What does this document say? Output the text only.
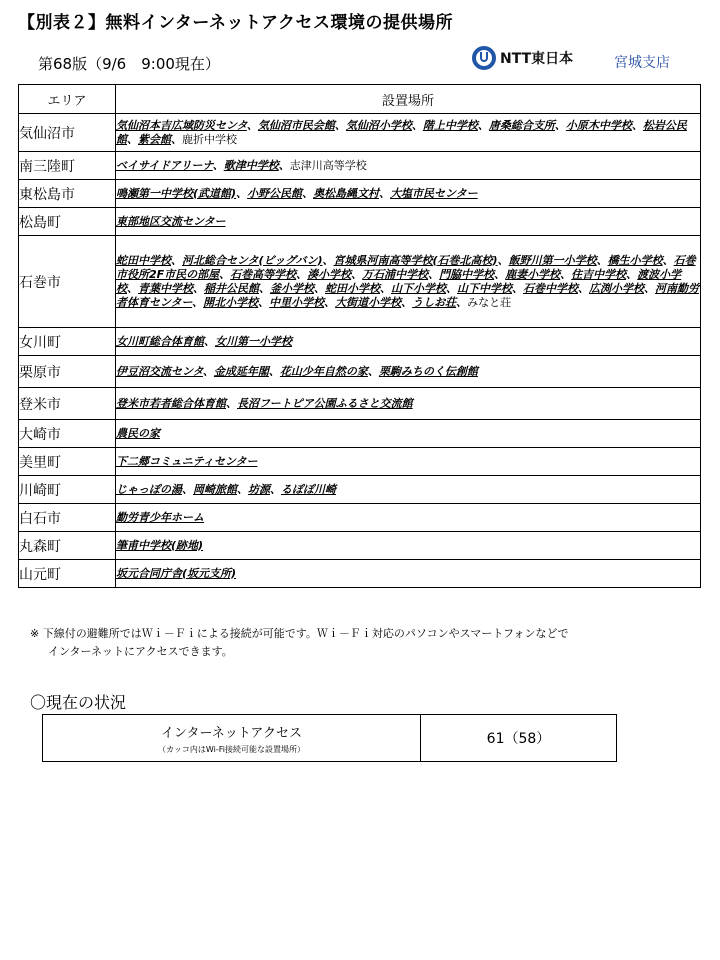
【別表２】無料インターネットアクセス環境の提供場所
第68版（9/6　9:00現在）	NTT東日本	宮城支店
エリア	設置場所
気仙沼市	気仙沼本吉広域防災センタ、気仙沼市民会館、気仙沼小学校、階上中学校、唐桑総合支所、小原木中学校、松岩公民館、紫会館、鹿折中学校
南三陸町	ベイサイドアリーナ、歌津中学校、志津川高等学校
東松島市	鳴瀬第一中学校(武道館)、小野公民館、奥松島縄文村、大塩市民センター
松島町	東部地区交流センター
石巻市	蛇田中学校、河北総合センタ(ビッグバン)、宮城県河南高等学校(石巻北高校)、飯野川第一小学校、橋生小学校、石巻市役所2F市民の部屋、石巻高等学校、湊小学校、万石浦中学校、門脇中学校、鹿妻小学校、住吉中学校、渡波小学校、青葉中学校、稲井公民館、釜小学校、蛇田小学校、山下小学校、山下中学校、石巻中学校、広渕小学校、河南勤労者体育センター、開北小学校、中里小学校、大街道小学校、うしお荘、みなと荘
女川町	女川町総合体育館、女川第一小学校
栗原市	伊豆沼交流センタ、金成延年閣、花山少年自然の家、栗駒みちのく伝創館
登米市	登米市若者総合体育館、長沼フートピア公園ふるさと交流館
大崎市	農民の家
美里町	下二郷コミュニティセンター
川崎町	じゃっぽの湯、岡崎旅館、坊源、るぽぽ川崎
白石市	勤労青少年ホーム
丸森町	筆甫中学校(跡地)
山元町	坂元合同庁舎(坂元支所)
※ 下線付の避難所ではＷｉ－Ｆｉによる接続が可能です。Ｗｉ－Ｆｉ対応のパソコンやスマートフォンなどで
インターネットにアクセスできます。
〇現在の状況
インターネットアクセス
（カッコ内はWi-Fi接続可能な設置場所）
	61（58）
